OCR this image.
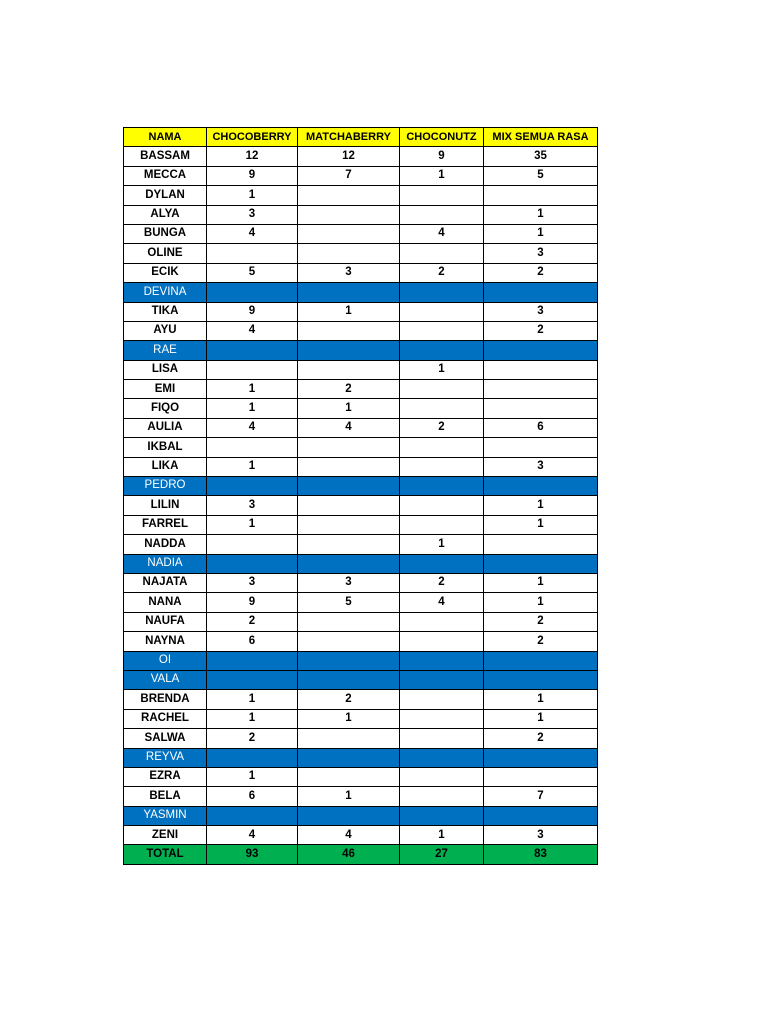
NAMA	CHOCOBERRY	MATCHABERRY	CHOCONUTZ	MIX SEMUA RASA
BASSAM	12	12	9	35
MECCA	9	7	1	5
DYLAN	1			
ALYA	3			1
BUNGA	4		4	1
OLINE				3
ECIK	5	3	2	2
DEVINA				
TIKA	9	1		3
AYU	4			2
RAE				
LISA			1	
EMI	1	2		
FIQO	1	1		
AULIA	4	4	2	6
IKBAL				
LIKA	1			3
PEDRO				
LILIN	3			1
FARREL	1			1
NADDA			1	
NADIA				
NAJATA	3	3	2	1
NANA	9	5	4	1
NAUFA	2			2
NAYNA	6			2
OI				
VALA				
BRENDA	1	2		1
RACHEL	1	1		1
SALWA	2			2
REYVA				
EZRA	1			
BELA	6	1		7
YASMIN				
ZENI	4	4	1	3
TOTAL	93	46	27	83
